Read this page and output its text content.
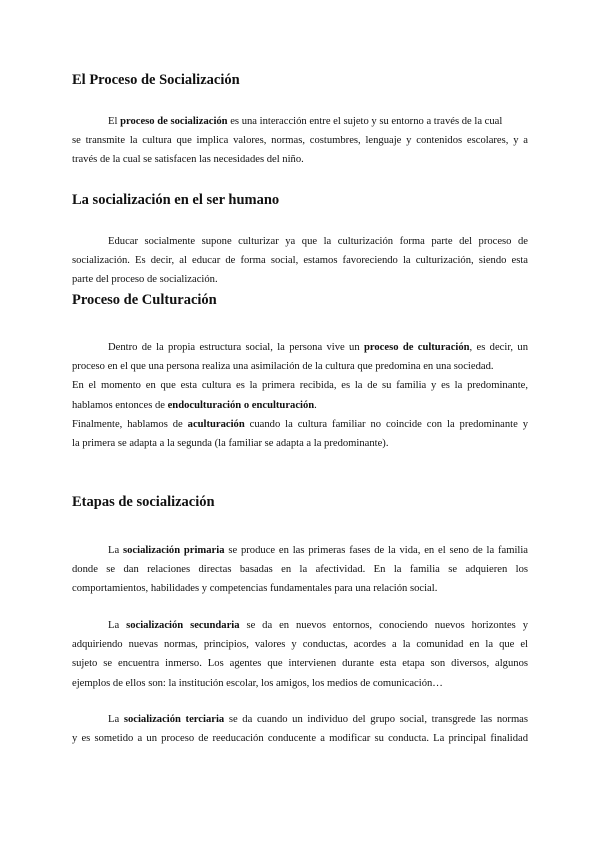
El Proceso de Socialización
El proceso de socialización es una interacción entre el sujeto y su entorno a través de la cual
se transmite la cultura que implica valores, normas, costumbres, lenguaje y contenidos escolares, y a
través de la cual se satisfacen las necesidades del niño.
La socialización en el ser humano
Educar socialmente supone culturizar ya que la culturización forma parte del proceso de
socialización. Es decir, al educar de forma social, estamos favoreciendo la culturización, siendo esta
parte del proceso de socialización.
Proceso de Culturación
Dentro de la propia estructura social, la persona vive un proceso de culturación, es decir, un
proceso en el que una persona realiza una asimilación de la cultura que predomina en una sociedad.
En el momento en que esta cultura es la primera recibida, es la de su familia y es la predominante,
hablamos entonces de endoculturación o enculturación.
Finalmente, hablamos de aculturación cuando la cultura familiar no coincide con la predominante y
la primera se adapta a la segunda (la familiar se adapta a la predominante).
Etapas de socialización
La socialización primaria se produce en las primeras fases de la vida, en el seno de la familia
donde se dan relaciones directas basadas en la afectividad. En la familia se adquieren los
comportamientos, habilidades y competencias fundamentales para una relación social.
La socialización secundaria se da en nuevos entornos, conociendo nuevos horizontes y
adquiriendo nuevas normas, principios, valores y conductas, acordes a la comunidad en la que el
sujeto se encuentra inmerso. Los agentes que intervienen durante esta etapa son diversos, algunos
ejemplos de ellos son: la institución escolar, los amigos, los medios de comunicación…
La socialización terciaria se da cuando un individuo del grupo social, transgrede las normas
y es sometido a un proceso de reeducación conducente a modificar su conducta. La principal finalidad
